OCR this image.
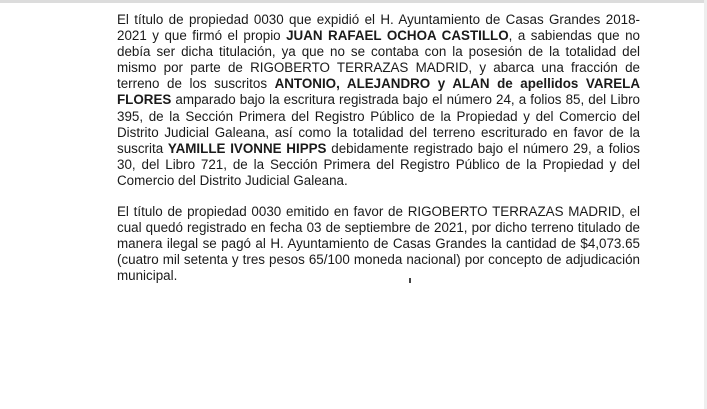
El título de propiedad 0030 que expidió el H. Ayuntamiento de Casas Grandes 2018-2021 y que firmó el propio JUAN RAFAEL OCHOA CASTILLO, a sabiendas que no debía ser dicha titulación, ya que no se contaba con la posesión de la totalidad del mismo por parte de RIGOBERTO TERRAZAS MADRID, y abarca una fracción de terreno de los suscritos ANTONIO, ALEJANDRO y ALAN de apellidos VARELA FLORES amparado bajo la escritura registrada bajo el número 24, a folios 85, del Libro 395, de la Sección Primera del Registro Público de la Propiedad y del Comercio del Distrito Judicial Galeana, así como la totalidad del terreno escriturado en favor de la suscrita YAMILLE IVONNE HIPPS debidamente registrado bajo el número 29, a folios 30, del Libro 721, de la Sección Primera del Registro Público de la Propiedad y del Comercio del Distrito Judicial Galeana.

El título de propiedad 0030 emitido en favor de RIGOBERTO TERRAZAS MADRID, el cual quedó registrado en fecha 03 de septiembre de 2021, por dicho terreno titulado de manera ilegal se pagó al H. Ayuntamiento de Casas Grandes la cantidad de $4,073.65 (cuatro mil setenta y tres pesos 65/100 moneda nacional) por concepto de adjudicación municipal.
